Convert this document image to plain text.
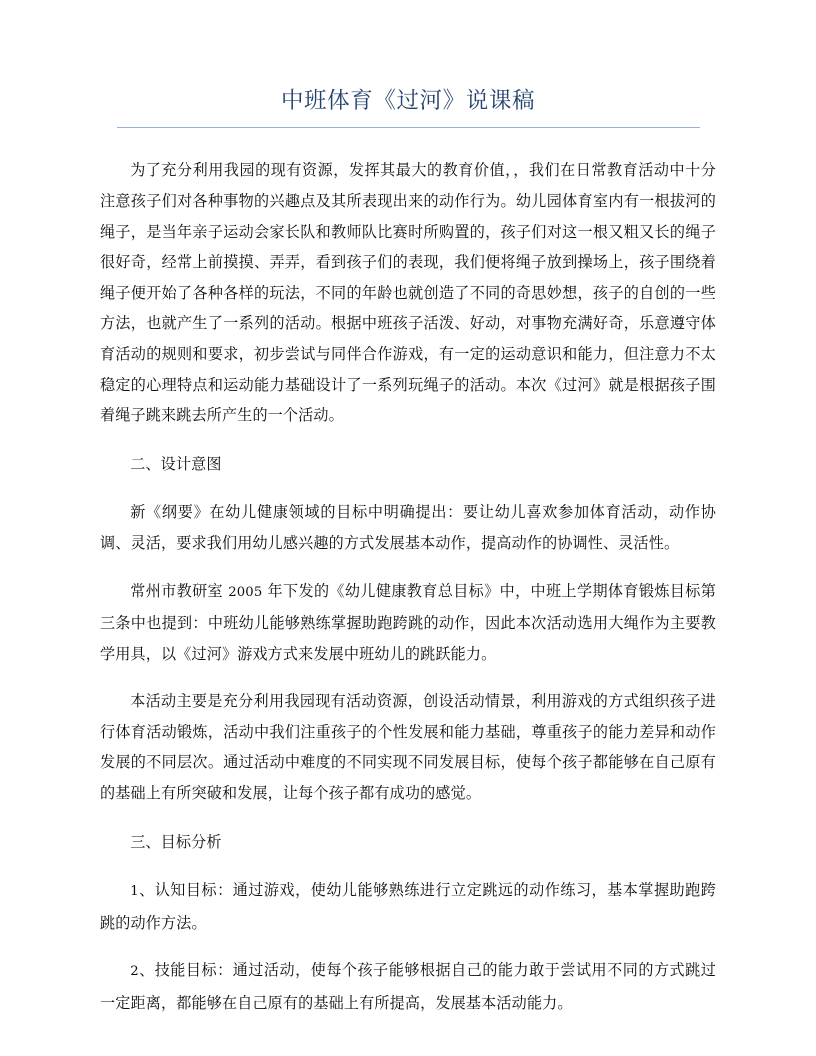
中班体育《过河》说课稿

为了充分利用我园的现有资源，发挥其最大的教育价值，，我们在日常教育活动中十分注意孩子们对各种事物的兴趣点及其所表现出来的动作行为。幼儿园体育室内有一根拔河的绳子，是当年亲子运动会家长队和教师队比赛时所购置的，孩子们对这一根又粗又长的绳子很好奇，经常上前摸摸、弄弄，看到孩子们的表现，我们便将绳子放到操场上，孩子围绕着绳子便开始了各种各样的玩法，不同的年龄也就创造了不同的奇思妙想，孩子的自创的一些方法，也就产生了一系列的活动。根据中班孩子活泼、好动，对事物充满好奇，乐意遵守体育活动的规则和要求，初步尝试与同伴合作游戏，有一定的运动意识和能力，但注意力不太稳定的心理特点和运动能力基础设计了一系列玩绳子的活动。本次《过河》就是根据孩子围着绳子跳来跳去所产生的一个活动。

二、设计意图

新《纲要》在幼儿健康领域的目标中明确提出：要让幼儿喜欢参加体育活动，动作协调、灵活，要求我们用幼儿感兴趣的方式发展基本动作，提高动作的协调性、灵活性。

常州市教研室 2005 年下发的《幼儿健康教育总目标》中，中班上学期体育锻炼目标第三条中也提到：中班幼儿能够熟练掌握助跑跨跳的动作，因此本次活动选用大绳作为主要教学用具，以《过河》游戏方式来发展中班幼儿的跳跃能力。

本活动主要是充分利用我园现有活动资源，创设活动情景，利用游戏的方式组织孩子进行体育活动锻炼，活动中我们注重孩子的个性发展和能力基础，尊重孩子的能力差异和动作发展的不同层次。通过活动中难度的不同实现不同发展目标，使每个孩子都能够在自己原有的基础上有所突破和发展，让每个孩子都有成功的感觉。

三、目标分析

1、认知目标：通过游戏，使幼儿能够熟练进行立定跳远的动作练习，基本掌握助跑跨跳的动作方法。

2、技能目标：通过活动，使每个孩子能够根据自己的能力敢于尝试用不同的方式跳过一定距离，都能够在自己原有的基础上有所提高，发展基本活动能力。
